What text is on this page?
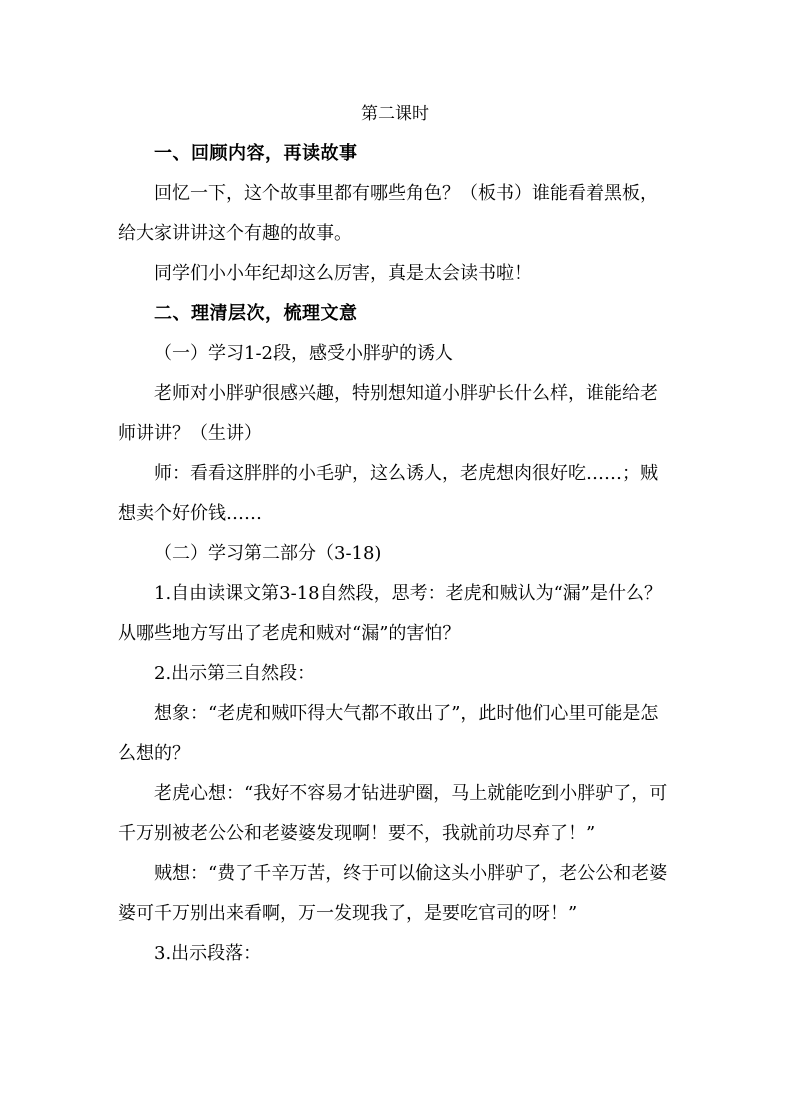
第二课时

一、回顾内容，再读故事

回忆一下，这个故事里都有哪些角色？（板书）谁能看着黑板，给大家讲讲这个有趣的故事。

同学们小小年纪却这么厉害，真是太会读书啦！

二、理清层次，梳理文意

（一）学习1-2段，感受小胖驴的诱人

老师对小胖驴很感兴趣，特别想知道小胖驴长什么样，谁能给老师讲讲？（生讲）

师：看看这胖胖的小毛驴，这么诱人，老虎想肉很好吃……；贼想卖个好价钱……

（二）学习第二部分（3-18)

1.自由读课文第3-18自然段，思考：老虎和贼认为“漏”是什么？从哪些地方写出了老虎和贼对“漏”的害怕？

2.出示第三自然段：

想象：“老虎和贼吓得大气都不敢出了”，此时他们心里可能是怎么想的？

老虎心想：“我好不容易才钻进驴圈，马上就能吃到小胖驴了，可千万别被老公公和老婆婆发现啊！要不，我就前功尽弃了！”

贼想：“费了千辛万苦，终于可以偷这头小胖驴了，老公公和老婆婆可千万别出来看啊，万一发现我了，是要吃官司的呀！”

3.出示段落：
